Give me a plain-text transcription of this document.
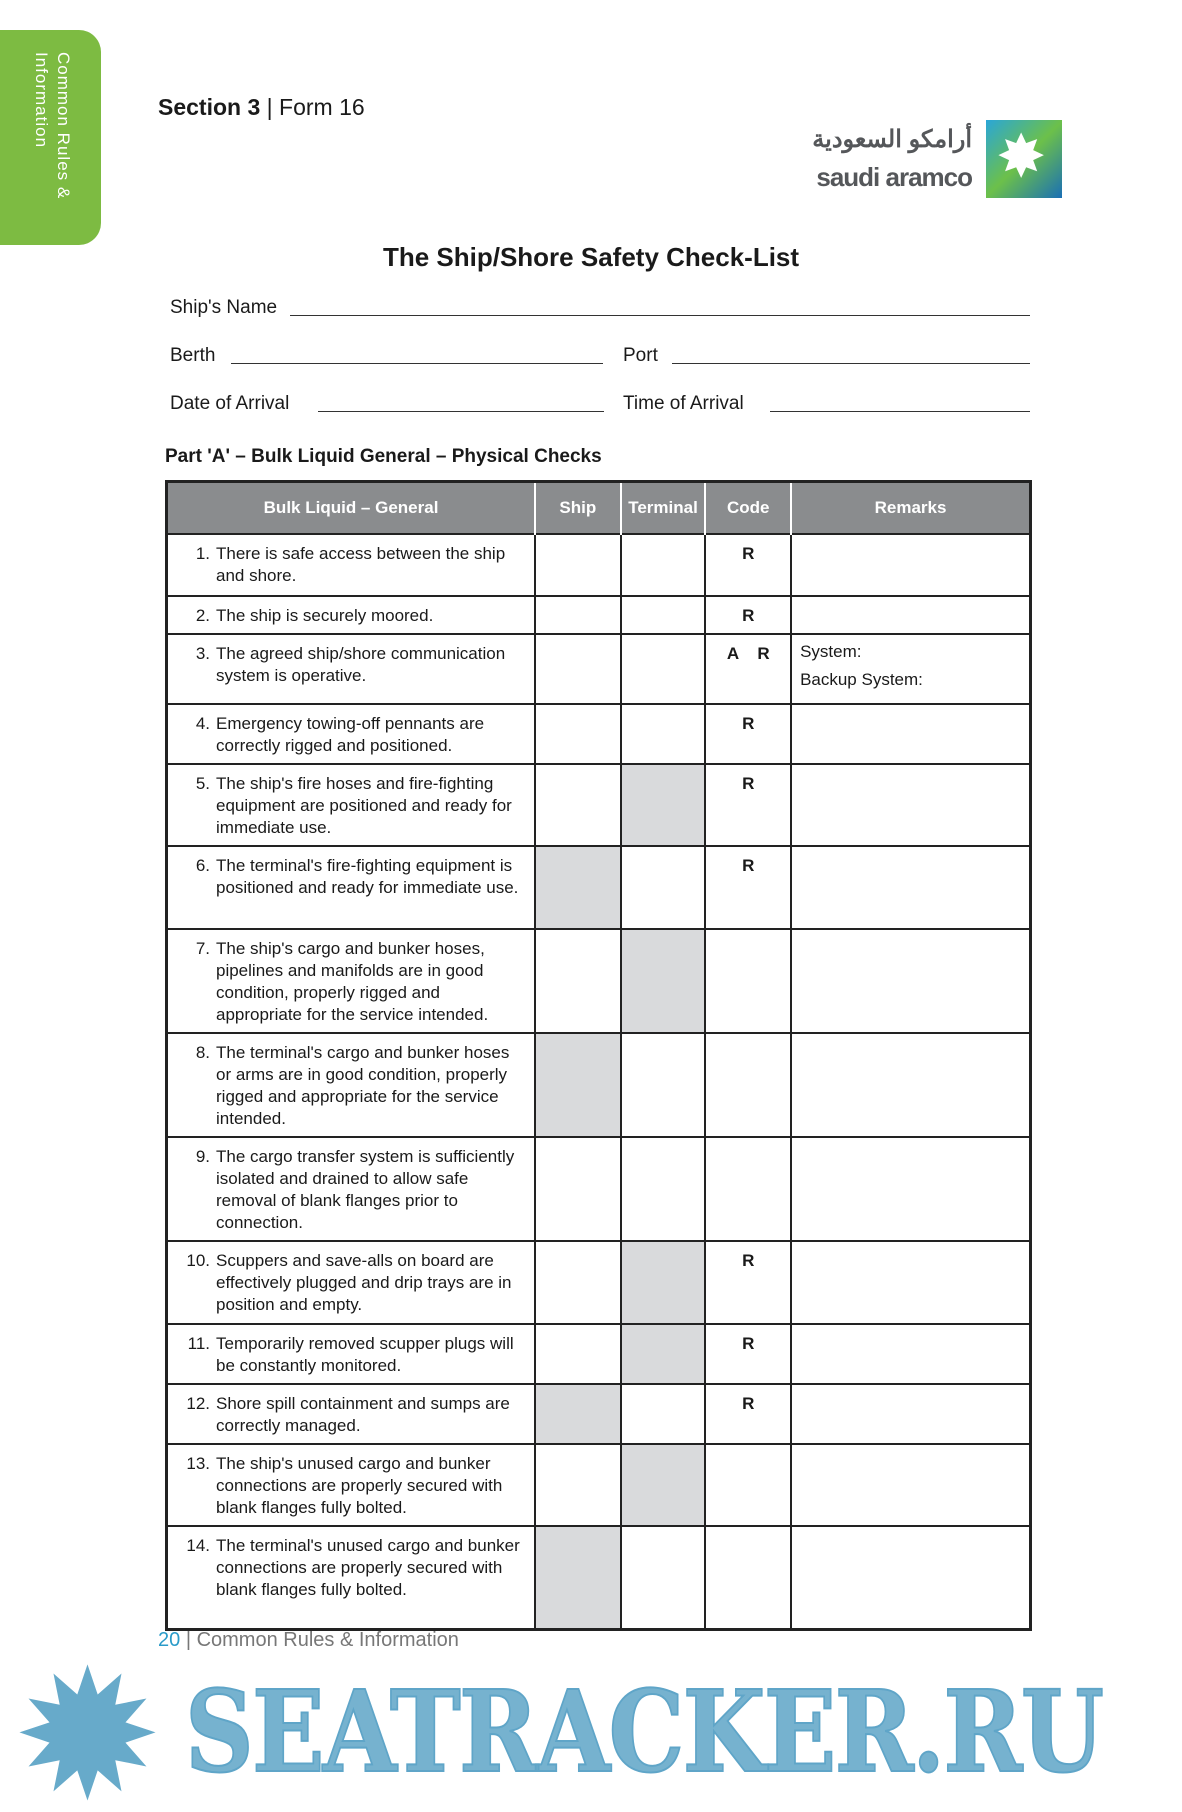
Common Rules & Information	Section 3 | Form 16
أرامكو السعودية
saudi aramco
✸
The Ship/Shore Safety Check-List
Ship's Name
Berth	Port
Date of Arrival	Time of Arrival
Part 'A' – Bulk Liquid General – Physical Checks
Bulk Liquid – General	Ship	Terminal	Code	Remarks
1. There is safe access between the ship and shore.			R	
2. The ship is securely moored.			R	
3. The agreed ship/shore communication system is operative.			A    R	System:
Backup System:

4. Emergency towing-off pennants are correctly rigged and positioned.			R	
5. The ship's fire hoses and fire-fighting equipment are positioned and ready for immediate use.			R	
6. The terminal's fire-fighting equipment is positioned and ready for immediate use.			R	
7. The ship's cargo and bunker hoses, pipelines and manifolds are in good condition, properly rigged and appropriate for the service intended.				
8. The terminal's cargo and bunker hoses or arms are in good condition, properly rigged and appropriate for the service intended.				
9. The cargo transfer system is sufficiently isolated and drained to allow safe removal of blank flanges prior to connection.				
10. Scuppers and save-alls on board are effectively plugged and drip trays are in position and empty.			R	
11. Temporarily removed scupper plugs will be constantly monitored.			R	
12. Shore spill containment and sumps are correctly managed.			R	
13. The ship's unused cargo and bunker connections are properly secured with blank flanges fully bolted.				
14. The terminal's unused cargo and bunker connections are properly secured with blank flanges fully bolted.				
20 | Common Rules & Information
✹ SEATRACKER.RU
